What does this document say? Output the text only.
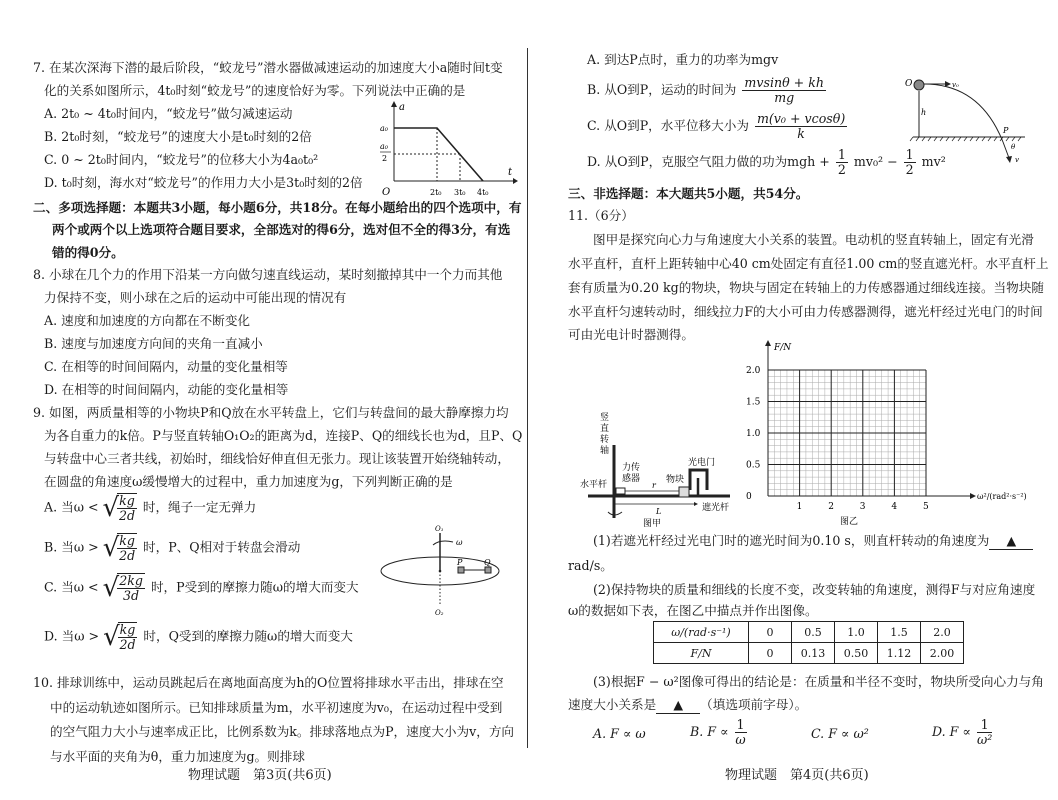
7. 在某次深海下潜的最后阶段，“蛟龙号”潜水器做减速运动的加速度大小a随时间t变
化的关系如图所示，4t₀时刻“蛟龙号”的速度恰好为零。下列说法中正确的是
A. 2t₀ ~ 4t₀时间内，“蛟龙号”做匀减速运动
B. 2t₀时刻，“蛟龙号”的速度大小是t₀时刻的2倍
C. 0 ~ 2t₀时间内，“蛟龙号”的位移大小为4a₀t₀²
D. t₀时刻，海水对“蛟龙号”的作用力大小是3t₀时刻的2倍
a
t
O
a₀
a₀
2
2t₀ 3t₀ 4t₀
二、多项选择题：本题共3小题，每小题6分，共18分。在每小题给出的四个选项中，有
两个或两个以上选项符合题目要求，全部选对的得6分，选对但不全的得3分，有选
错的得0分。
8. 小球在几个力的作用下沿某一方向做匀速直线运动，某时刻撤掉其中一个力而其他
力保持不变，则小球在之后的运动中可能出现的情况有
A. 速度和加速度的方向都在不断变化
B. 速度与加速度方向间的夹角一直减小
C. 在相等的时间间隔内，动量的变化量相等
D. 在相等的时间间隔内，动能的变化量相等
9. 如图，两质量相等的小物块P和Q放在水平转盘上，它们与转盘间的最大静摩擦力均
为各自重力的k倍。P与竖直转轴O₁O₂的距离为d，连接P、Q的细线长也为d，且P、Q
与转盘中心三者共线，初始时，细线恰好伸直但无张力。现让该装置开始绕轴转动，
在圆盘的角速度ω缓慢增大的过程中，重力加速度为g，下列判断正确的是
A. 当ω < √
$\frac{kg}{2d}$ 时，绳子一定无弹力
B. 当ω > √
$\frac{kg}{2d}$ 时，P、Q相对于转盘会滑动
C. 当ω < √
$\frac{2kg}{3d}$ 时，P受到的摩擦力随ω的增大而变大
D. 当ω > √
$\frac{kg}{2d}$ 时，Q受到的摩擦力随ω的增大而变大
O₁
O₂
ω
P	Q
10. 排球训练中，运动员跳起后在离地面高度为h的O位置将排球水平击出，排球在空
中的运动轨迹如图所示。已知排球质量为m，水平初速度为v₀，在运动过程中受到
的空气阻力大小与速率成正比，比例系数为k。排球落地点为P，速度大小为v，方向
与水平面的夹角为θ，重力加速度为g。则排球
物理试题　第3页(共6页)
A. 到达P点时，重力的功率为mgv
B. 从O到P，运动的时间为 $\frac{mvsin\theta + kh}{mg}$
C. 从O到P，水平位移大小为 $\frac{\text{m(v₀ + vcosθ)}}{k}$
D. 从O到P，克服空气阻力做的功为mgh + $\frac{1}{2} mv_0^2 - \frac{1}{2} mv^2$
O	v₀
h
P
θ
v
三、非选择题：本大题共5小题，共54分。
11.（6分）
图甲是探究向心力与角速度大小关系的装置。电动机的竖直转轴上，固定有光滑
水平直杆，直杆上距转轴中心40 cm处固定有直径1.00 cm的竖直遮光杆。水平直杆上
套有质量为0.20 kg的物块，物块与固定在转轴上的力传感器通过细线连接。当物块随
水平直杆匀速转动时，细线拉力F的大小可由力传感器测得，遮光杆经过光电门的时间
可由光电计时器测得。
竖
直
转
轴
水平杆
力传
感器
r
物块
光电门
遮光杆
L
图甲
1	2	3	4	5
0
0.5
1.0
1.5
2.0
F/N
ω²/(rad²·s⁻²)
图乙
(1)若遮光杆经过光电门时的遮光时间为0.10 s，则直杆转动的角速度为 ▲
rad/s。
(2)保持物块的质量和细线的长度不变，改变转轴的角速度，测得F与对应角速度
ω的数据如下表，在图乙中描点并作出图像。
ω/(rad·s⁻¹)	0	0.5	1.0	1.5	2.0
F/N	0	0.13	0.50	1.12	2.00
(3)根据F − ω²图像可得出的结论是：在质量和半径不变时，物块所受向心力与角
速度大小关系是 ▲ （填选项前字母）。
A. F ∝ ω	B. $F \propto \frac{1}{\omega}$	C. F ∝ ω²	D. $F \propto \frac{1}{\text{ω²}}$
物理试题　第4页(共6页)
